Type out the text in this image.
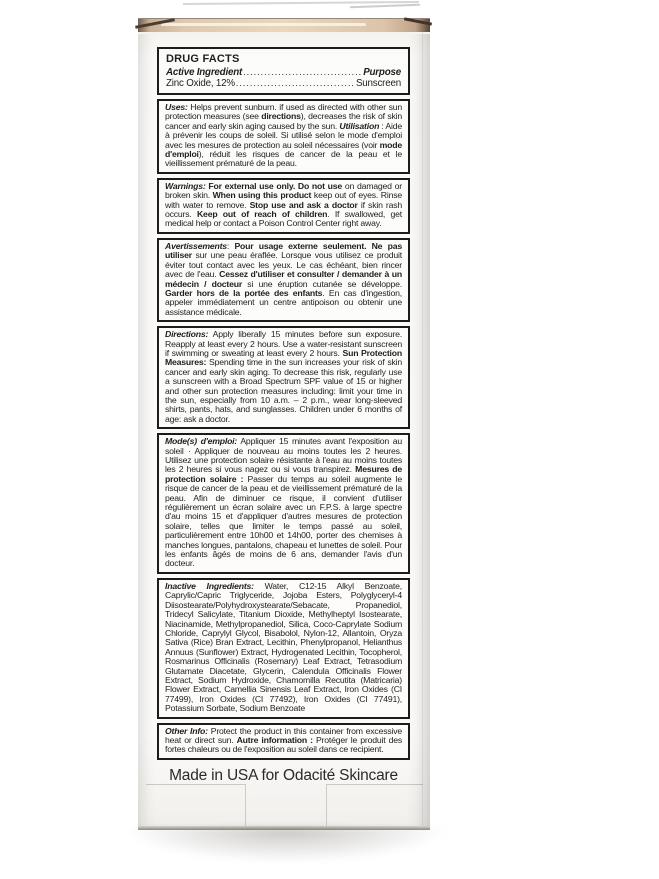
DRUG FACTS
Active Ingredient .....	Purpose
Zinc Oxide, 12% .....	Sunscreen
Uses: Helps prevent sunburn. if used as directed with other sun protection measures (see directions), decreases the risk of skin cancer and early skin aging caused by the sun. Utilisation : Aide à prévenir les coups de soleil. Si utilisé selon le mode d'emploi avec les mesures de protection au soleil nécessaires (voir mode d'emploi), réduit les risques de cancer de la peau et le vieillissement prématuré de la peau.
Warnings: For external use only. Do not use on damaged or broken skin. When using this product keep out of eyes. Rinse with water to remove. Stop use and ask a doctor if skin rash occurs. Keep out of reach of children. If swallowed, get medical help or contact a Poison Control Center right away.
Avertissements: Pour usage externe seulement. Ne pas utiliser sur une peau éraflée. Lorsque vous utilisez ce produit éviter tout contact avec les yeux. Le cas échéant, bien rincer avec de l'eau. Cessez d'utiliser et consulter / demander à un médecin / docteur si une éruption cutanée se développe. Garder hors de la portée des enfants. En cas d'ingestion, appeler immédiatement un centre antipoison ou obtenir une assistance médicale.
Directions: Apply liberally 15 minutes before sun exposure. Reapply at least every 2 hours. Use a water-resistant sunscreen if swimming or sweating at least every 2 hours. Sun Protection Measures: Spending time in the sun increases your risk of skin cancer and early skin aging. To decrease this risk, regularly use a sunscreen with a Broad Spectrum SPF value of 15 or higher and other sun protection measures including: limit your time in the sun, especially from 10 a.m. – 2 p.m., wear long-sleeved shirts, pants, hats, and sunglasses. Children under 6 months of age: ask a doctor.
Mode(s) d'emploi: Appliquer 15 minutes avant l'exposition au soleil · Appliquer de nouveau au moins toutes les 2 heures. Utilisez une protection solaire résistante à l'eau au moins toutes les 2 heures si vous nagez ou si vous transpirez. Mesures de protection solaire : Passer du temps au soleil augmente le risque de cancer de la peau et de vieillissement prématuré de la peau. Afin de diminuer ce risque, il convient d'utiliser régulièrement un écran solaire avec un F.P.S. à large spectre d'au moins 15 et d'appliquer d'autres mesures de protection solaire, telles que limiter le temps passé au soleil, particulièrement entre 10h00 et 14h00, porter des chemises à manches longues, pantalons, chapeau et lunettes de soleil. Pour les enfants âgés de moins de 6 ans, demander l'avis d'un docteur.
Inactive Ingredients: Water, C12-15 Alkyl Benzoate, Caprylic/Capric Triglyceride, Jojoba Esters, Polyglyceryl-4 Diisostearate/Polyhydroxystearate/Sebacate, Propanediol, Tridecyl Salicylate, Titanium Dioxide, Methylheptyl Isostearate, Niacinamide, Methylpropanediol, Silica, Coco-Caprylate Sodium Chloride, Caprylyl Glycol, Bisabolol, Nylon-12, Allantoin, Oryza Sativa (Rice) Bran Extract, Lecithin, Phenylpropanol, Helianthus Annuus (Sunflower) Extract, Hydrogenated Lecithin, Tocopherol, Rosmarinus Officinalis (Rosemary) Leaf Extract, Tetrasodium Glutamate Diacetate, Glycerin, Calendula Officinalis Flower Extract, Sodium Hydroxide, Chamomilla Recutita (Matricaria) Flower Extract, Camellia Sinensis Leaf Extract, Iron Oxides (CI 77499), Iron Oxides (CI 77492), Iron Oxides (CI 77491), Potassium Sorbate, Sodium Benzoate
Other Info: Protect the product in this container from excessive heat or direct sun. Autre information : Protéger le produit des fortes chaleurs ou de l'exposition au soleil dans ce recipient.
Made in USA for Odacité Skincare
